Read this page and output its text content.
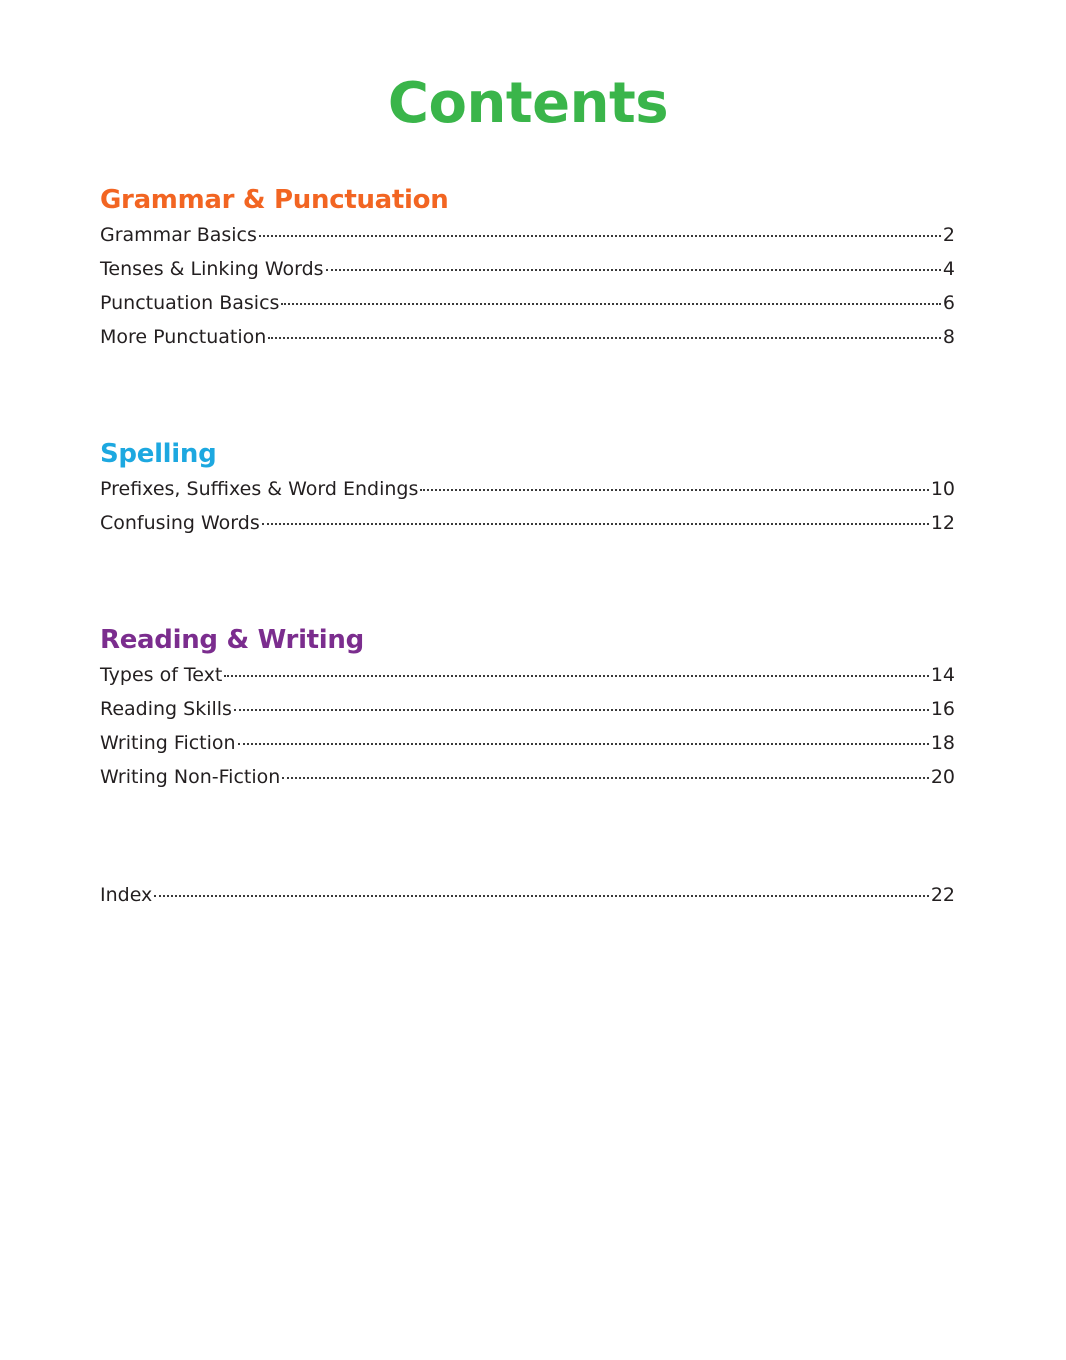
Contents
Grammar & Punctuation
Grammar Basics	2
Tenses & Linking Words	4
Punctuation Basics	6
More Punctuation	8
Spelling
Prefixes, Suffixes & Word Endings	10
Confusing Words	12
Reading & Writing
Types of Text	14
Reading Skills	16
Writing Fiction	18
Writing Non-Fiction	20
Index	22
